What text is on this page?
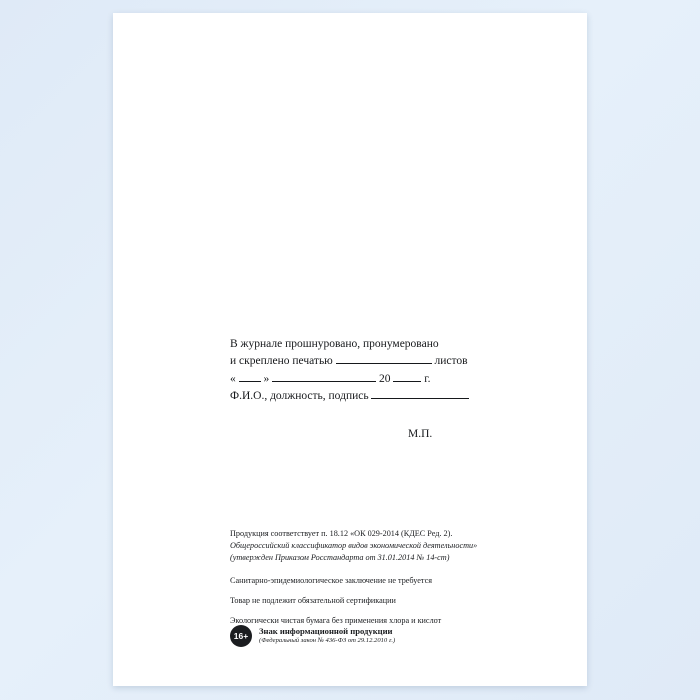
В журнале прошнуровано, пронумеровано
и скреплено печатью	листов
« »	20	г.
Ф.И.О., должность, подпись
М.П.
Продукция соответствует п. 18.12 «ОК 029-2014 (КДЕС Ред. 2).
Общероссийский классификатор видов экономической деятельности»
(утвержден Приказом Росстандарта от 31.01.2014 № 14-ст)
Санитарно-эпидемиологическое заключение не требуется
Товар не подлежит обязательной сертификации
Экологически чистая бумага без применения хлора и кислот
16+	Знак информационной продукции
(Федеральный закон № 436-ФЗ от 29.12.2010 г.)
